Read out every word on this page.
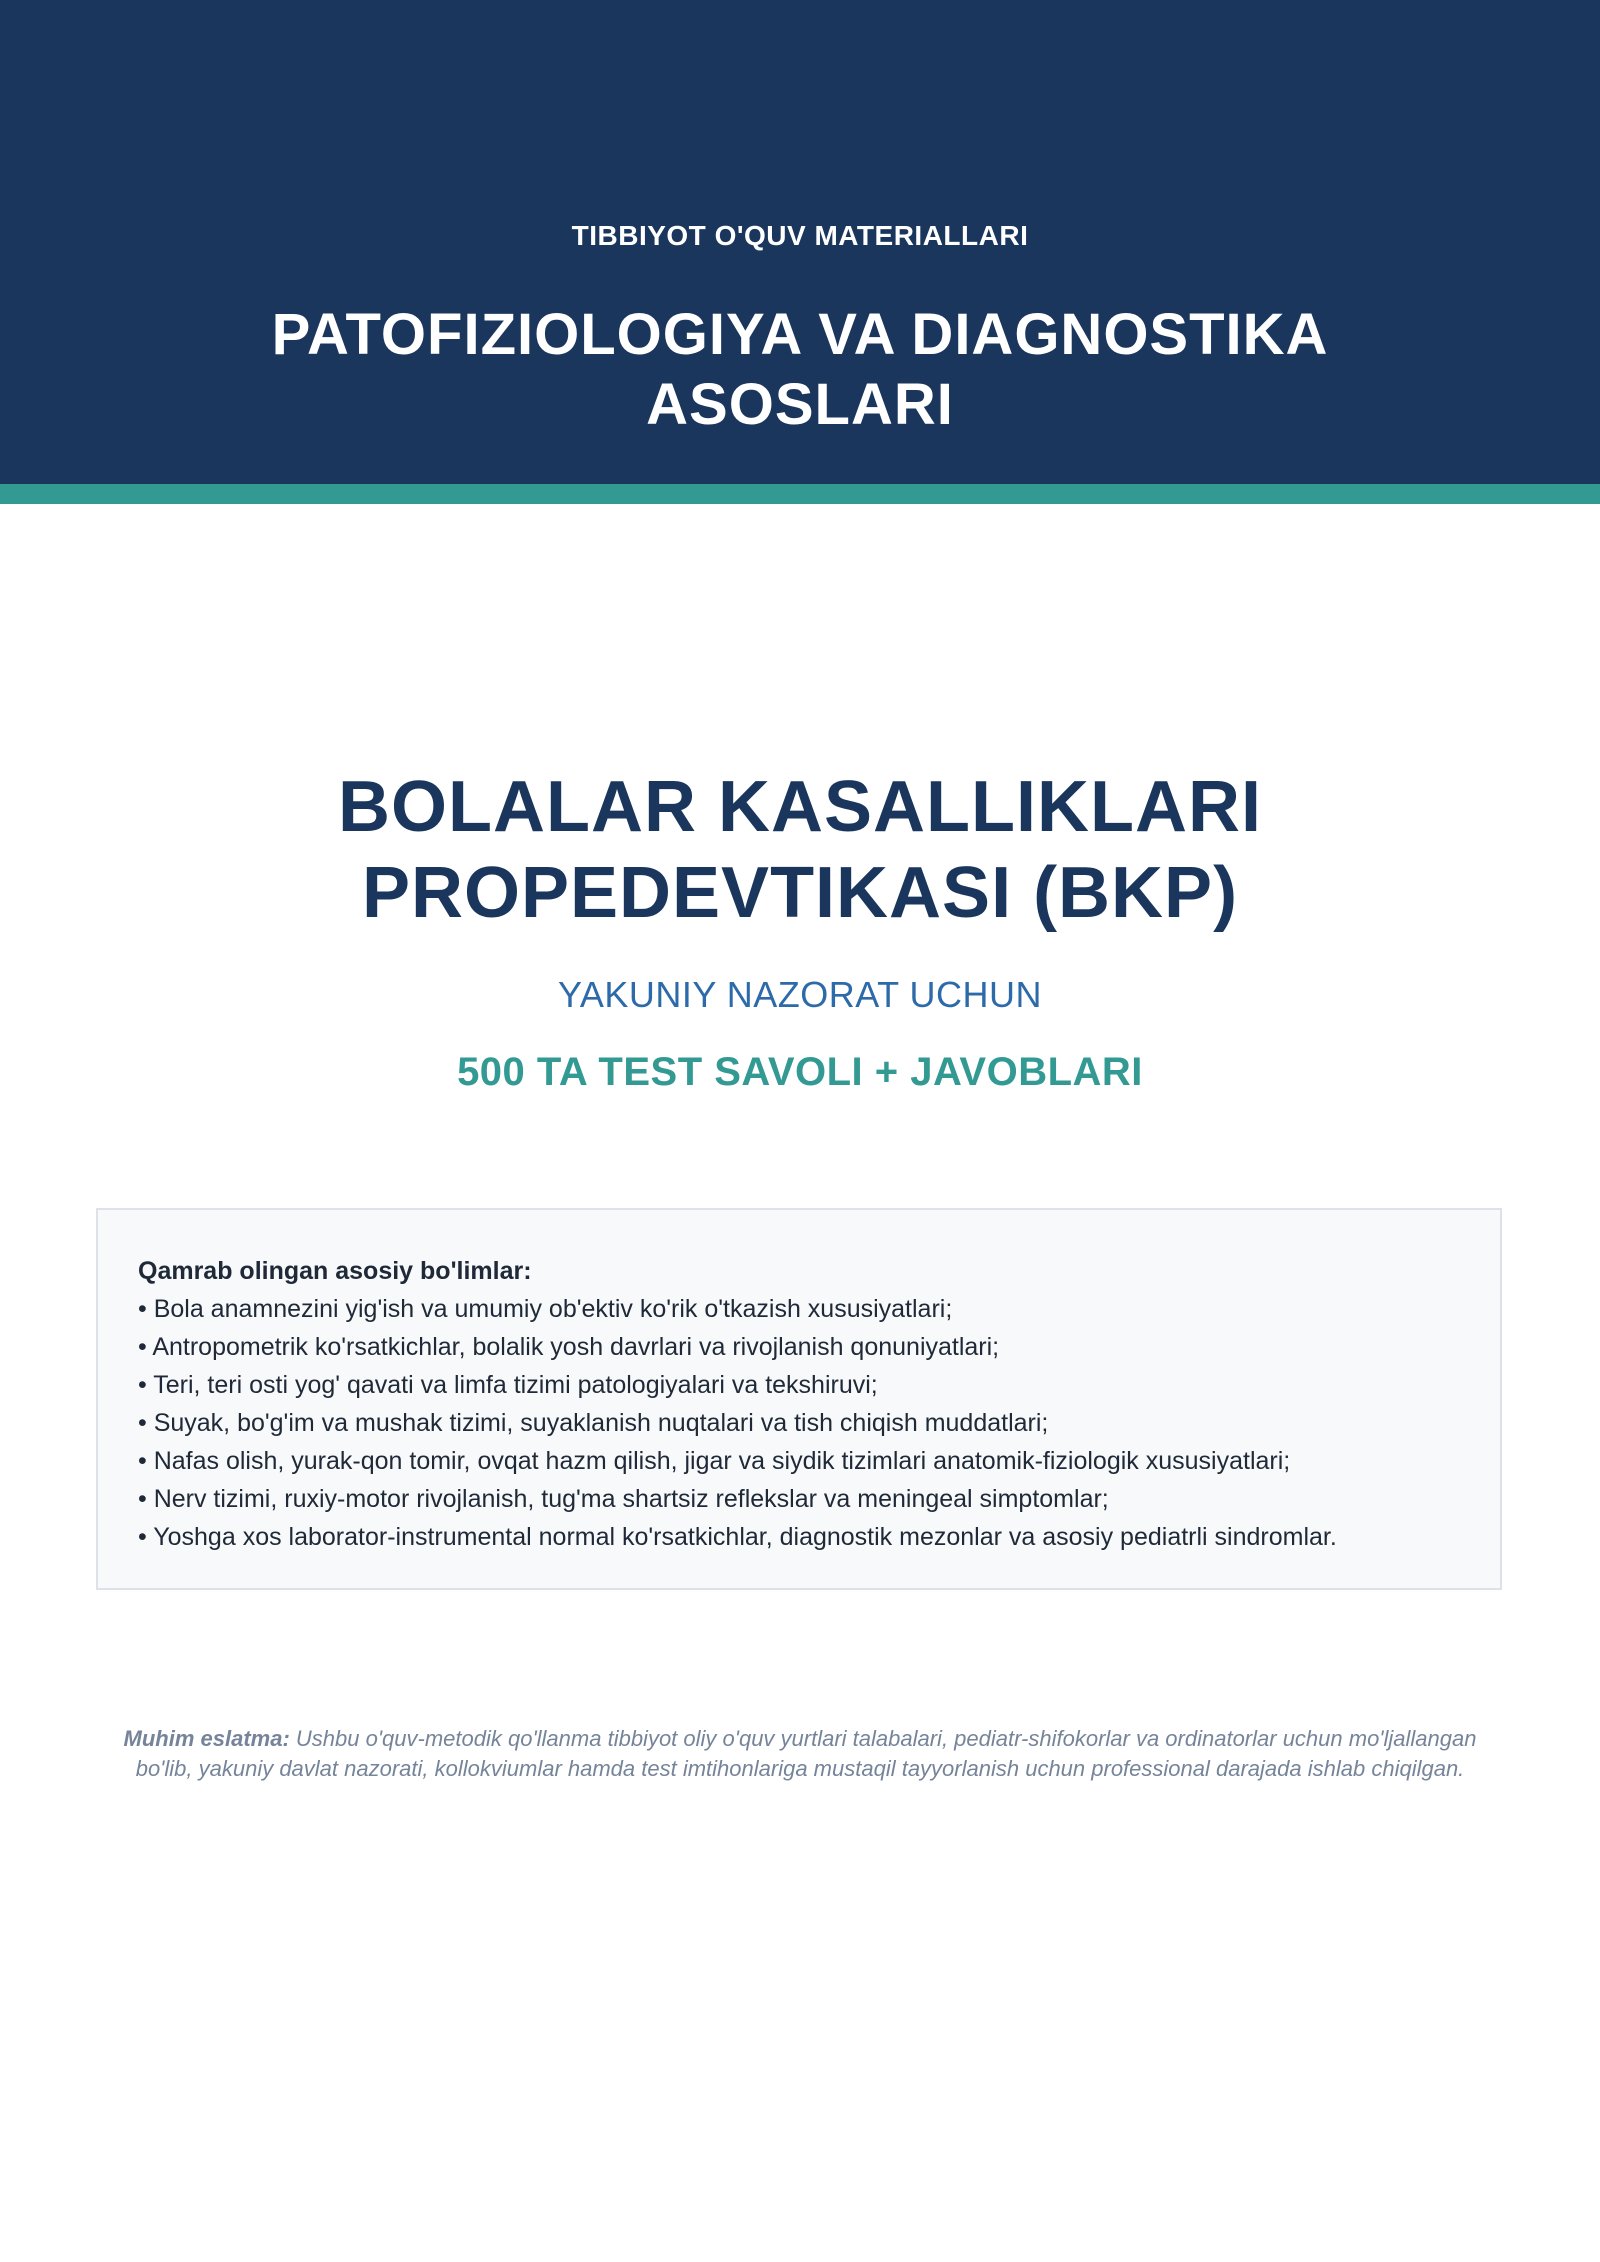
TIBBIYOT O'QUV MATERIALLARI
PATOFIZIOLOGIYA VA DIAGNOSTIKA ASOSLARI
BOLALAR KASALLIKLARI PROPEDEVTIKASI (BKP)
YAKUNIY NAZORAT UCHUN
500 TA TEST SAVOLI + JAVOBLARI
Qamrab olingan asosiy bo'limlar:
• Bola anamnezini yig'ish va umumiy ob'ektiv ko'rik o'tkazish xususiyatlari;
• Antropometrik ko'rsatkichlar, bolalik yosh davrlari va rivojlanish qonuniyatlari;
• Teri, teri osti yog' qavati va limfa tizimi patologiyalari va tekshiruvi;
• Suyak, bo'g'im va mushak tizimi, suyaklanish nuqtalari va tish chiqish muddatlari;
• Nafas olish, yurak-qon tomir, ovqat hazm qilish, jigar va siydik tizimlari anatomik-fiziologik xususiyatlari;
• Nerv tizimi, ruxiy-motor rivojlanish, tug'ma shartsiz reflekslar va meningeal simptomlar;
• Yoshga xos laborator-instrumental normal ko'rsatkichlar, diagnostik mezonlar va asosiy pediatrli sindromlar.
Muhim eslatma: Ushbu o'quv-metodik qo'llanma tibbiyot oliy o'quv yurtlari talabalari, pediatr-shifokorlar va ordinatorlar uchun mo'ljallangan bo'lib, yakuniy davlat nazorati, kollokviumlar hamda test imtihonlariga mustaqil tayyorlanish uchun professional darajada ishlab chiqilgan.
